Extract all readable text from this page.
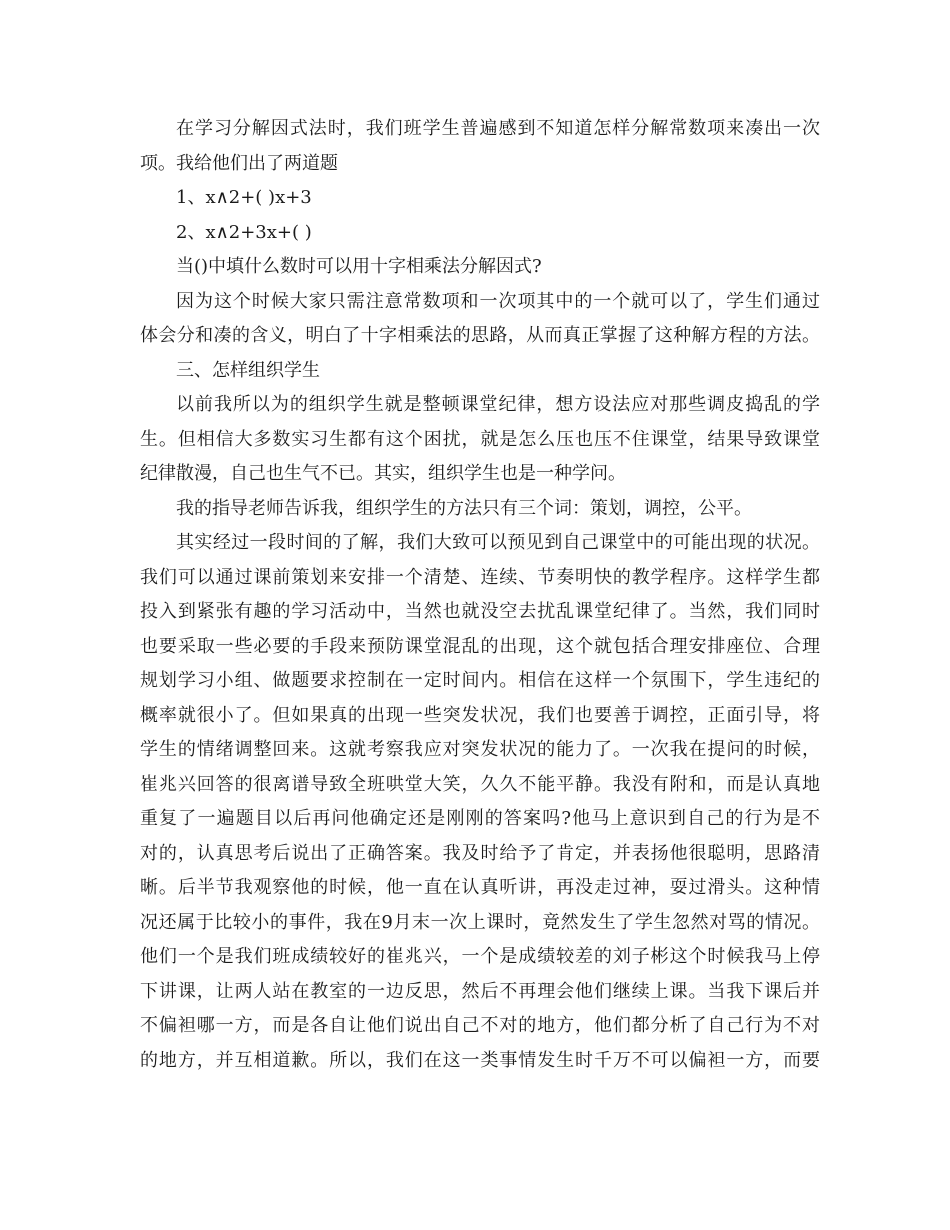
在学习分解因式法时，我们班学生普遍感到不知道怎样分解常数项来凑出一次
项。我给他们出了两道题
1、x∧2+( )x+3
2、x∧2+3x+( )
当()中填什么数时可以用十字相乘法分解因式?
因为这个时候大家只需注意常数项和一次项其中的一个就可以了，学生们通过
体会分和凑的含义，明白了十字相乘法的思路，从而真正掌握了这种解方程的方法。
三、怎样组织学生
以前我所以为的组织学生就是整顿课堂纪律，想方设法应对那些调皮捣乱的学
生。但相信大多数实习生都有这个困扰，就是怎么压也压不住课堂，结果导致课堂
纪律散漫，自己也生气不已。其实，组织学生也是一种学问。
我的指导老师告诉我，组织学生的方法只有三个词：策划，调控，公平。
其实经过一段时间的了解，我们大致可以预见到自己课堂中的可能出现的状况。
我们可以通过课前策划来安排一个清楚、连续、节奏明快的教学程序。这样学生都
投入到紧张有趣的学习活动中，当然也就没空去扰乱课堂纪律了。当然，我们同时
也要采取一些必要的手段来预防课堂混乱的出现，这个就包括合理安排座位、合理
规划学习小组、做题要求控制在一定时间内。相信在这样一个氛围下，学生违纪的
概率就很小了。但如果真的出现一些突发状况，我们也要善于调控，正面引导，将
学生的情绪调整回来。这就考察我应对突发状况的能力了。一次我在提问的时候，
崔兆兴回答的很离谱导致全班哄堂大笑，久久不能平静。我没有附和，而是认真地
重复了一遍题目以后再问他确定还是刚刚的答案吗?他马上意识到自己的行为是不
对的，认真思考后说出了正确答案。我及时给予了肯定，并表扬他很聪明，思路清
晰。后半节我观察他的时候，他一直在认真听讲，再没走过神，耍过滑头。这种情
况还属于比较小的事件，我在9月末一次上课时，竟然发生了学生忽然对骂的情况。
他们一个是我们班成绩较好的崔兆兴，一个是成绩较差的刘子彬这个时候我马上停
下讲课，让两人站在教室的一边反思，然后不再理会他们继续上课。当我下课后并
不偏袒哪一方，而是各自让他们说出自己不对的地方，他们都分析了自己行为不对
的地方，并互相道歉。所以，我们在这一类事情发生时千万不可以偏袒一方，而要
